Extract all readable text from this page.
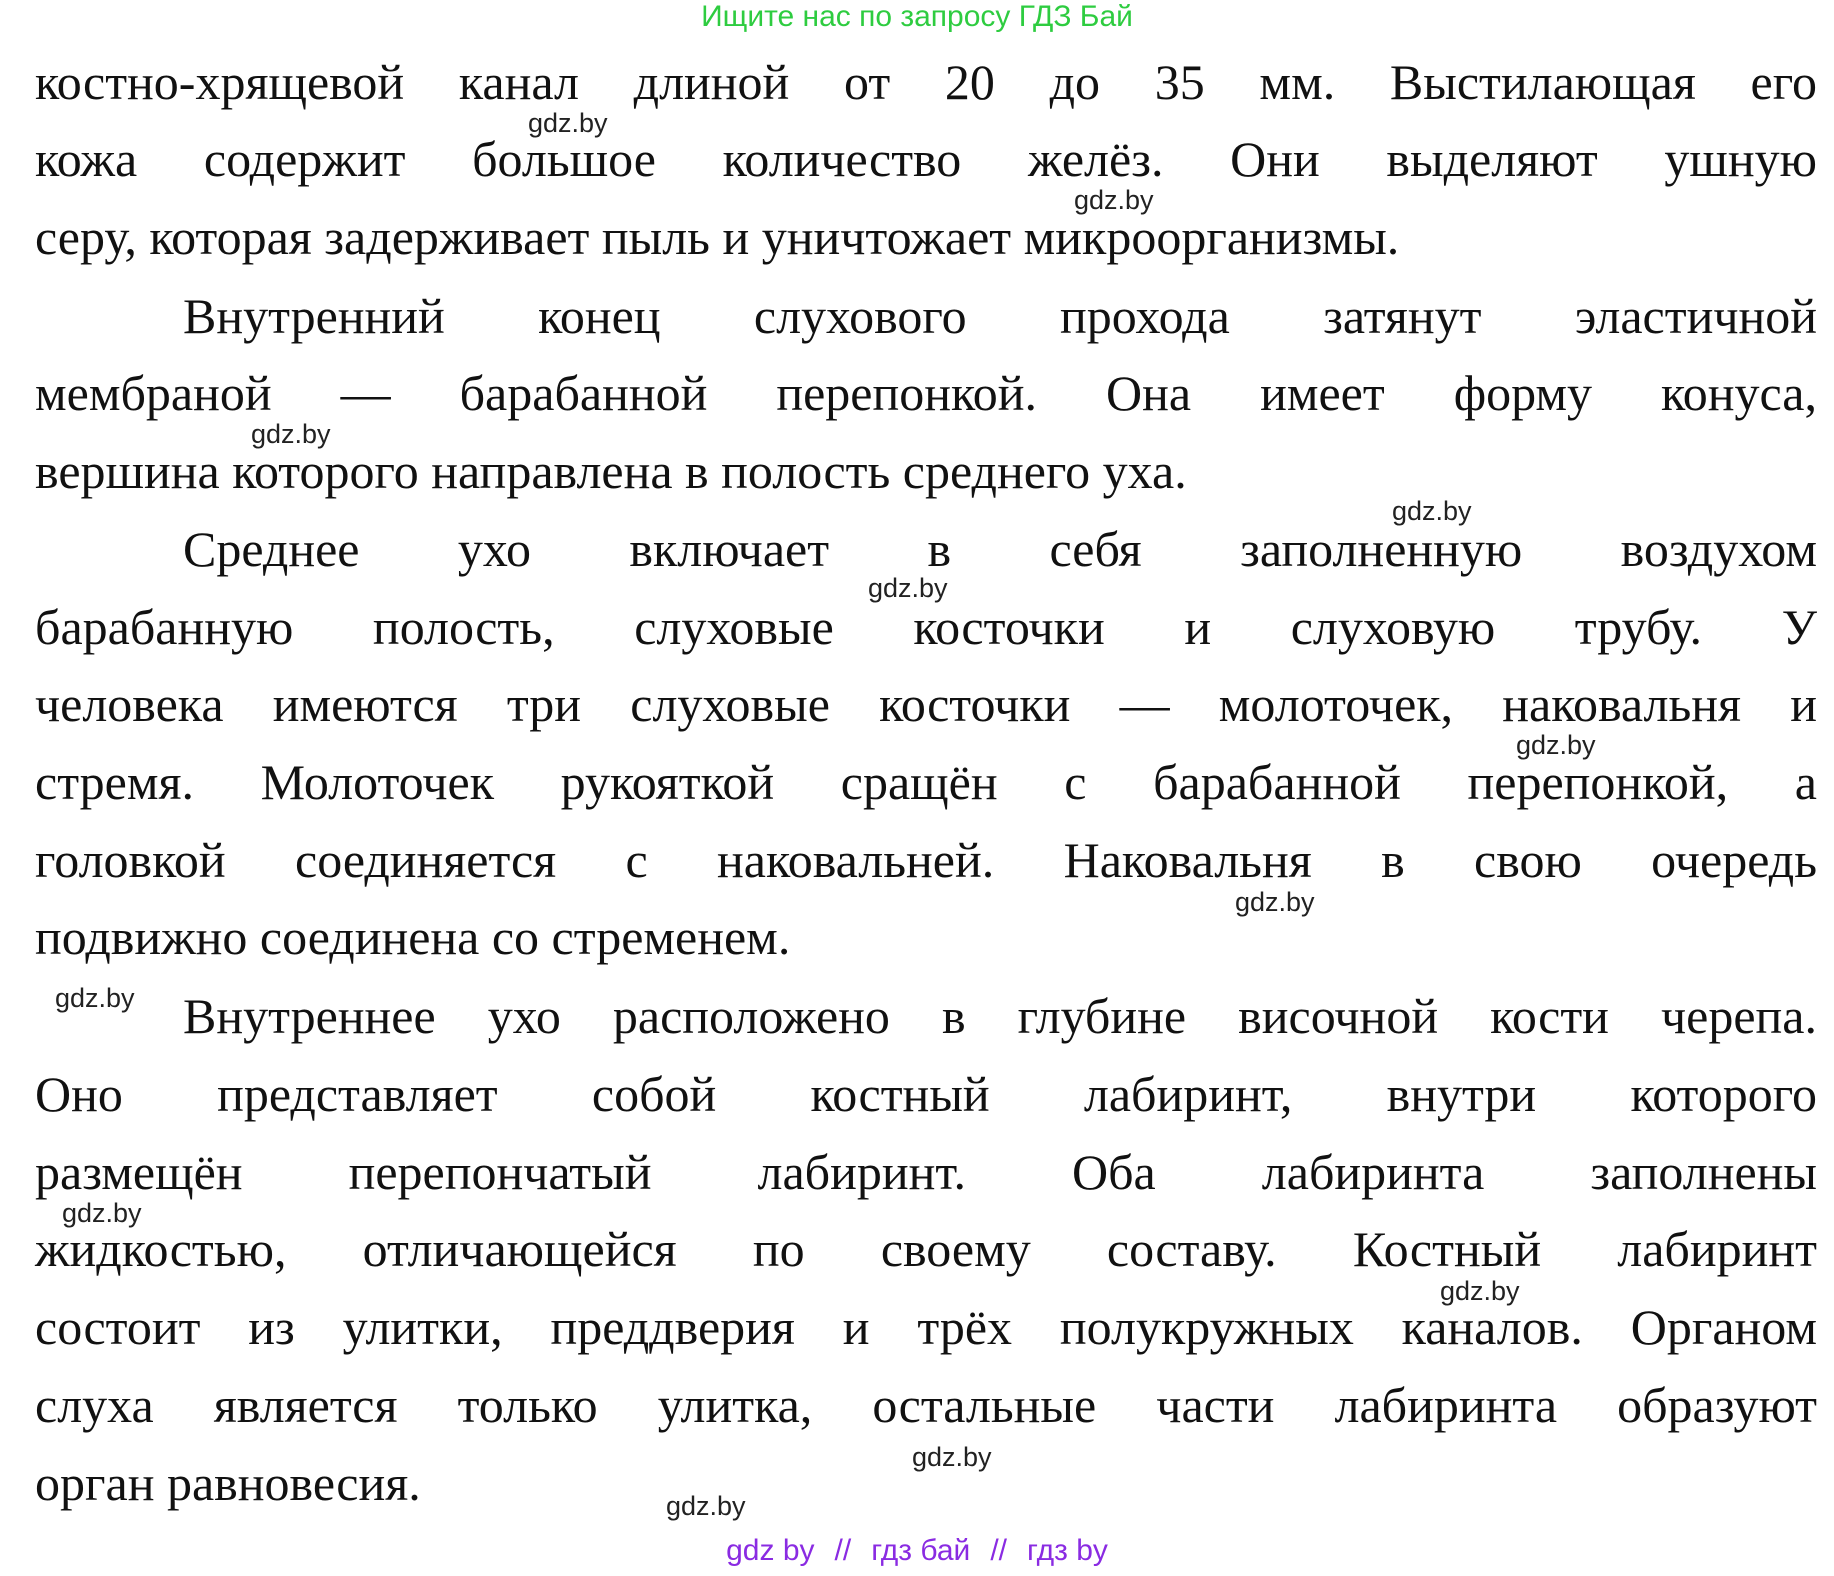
Ищите нас по запросу ГДЗ Бай
костно-хрящевой канал длиной от 20 до 35 мм. Выстилающая его
кожа содержит большое количество желёз. Они выделяют ушную
серу, которая задерживает пыль и уничтожает микроорганизмы.
Внутренний конец слухового прохода затянут эластичной
мембраной — барабанной перепонкой. Она имеет форму конуса,
вершина которого направлена в полость среднего уха.
Среднее ухо включает в себя заполненную воздухом
барабанную полость, слуховые косточки и слуховую трубу. У
человека имеются три слуховые косточки — молоточек, наковальня и
стремя. Молоточек рукояткой сращён с барабанной перепонкой, а
головкой соединяется с наковальней. Наковальня в свою очередь
подвижно соединена со стременем.
Внутреннее ухо расположено в глубине височной кости черепа.
Оно представляет собой костный лабиринт, внутри которого
размещён перепончатый лабиринт. Оба лабиринта заполнены
жидкостью, отличающейся по своему составу. Костный лабиринт
состоит из улитки, преддверия и трёх полукружных каналов. Органом
слуха является только улитка, остальные части лабиринта образуют
орган равновесия.
gdz.by
gdz.by
gdz.by
gdz.by
gdz.by
gdz.by
gdz.by
gdz.by
gdz.by
gdz.by
gdz.by
gdz.by
gdz by // гдз бай // гдз by
